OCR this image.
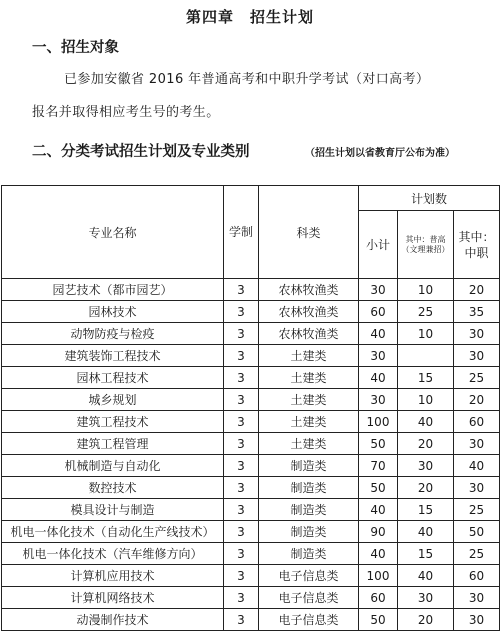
第四章　招生计划
一、招生对象
已参加安徽省 2016 年普通高考和中职升学考试（对口高考）
报名并取得相应考生号的考生。
二、分类考试招生计划及专业类别	（招生计划以省教育厅公布为准）
专业名称	学制	科类	计划数		
			小计	其中：普高（文理兼招）	其中：中职
园艺技术（都市园艺）	3	农林牧渔类	30	10	20
园林技术	3	农林牧渔类	60	25	35
动物防疫与检疫	3	农林牧渔类	40	10	30
建筑装饰工程技术	3	土建类	30		30
园林工程技术	3	土建类	40	15	25
城乡规划	3	土建类	30	10	20
建筑工程技术	3	土建类	100	40	60
建筑工程管理	3	土建类	50	20	30
机械制造与自动化	3	制造类	70	30	40
数控技术	3	制造类	50	20	30
模具设计与制造	3	制造类	40	15	25
机电一体化技术（自动化生产线技术）	3	制造类	90	40	50
机电一体化技术（汽车维修方向）	3	制造类	40	15	25
计算机应用技术	3	电子信息类	100	40	60
计算机网络技术	3	电子信息类	60	30	30
动漫制作技术	3	电子信息类	50	20	30
